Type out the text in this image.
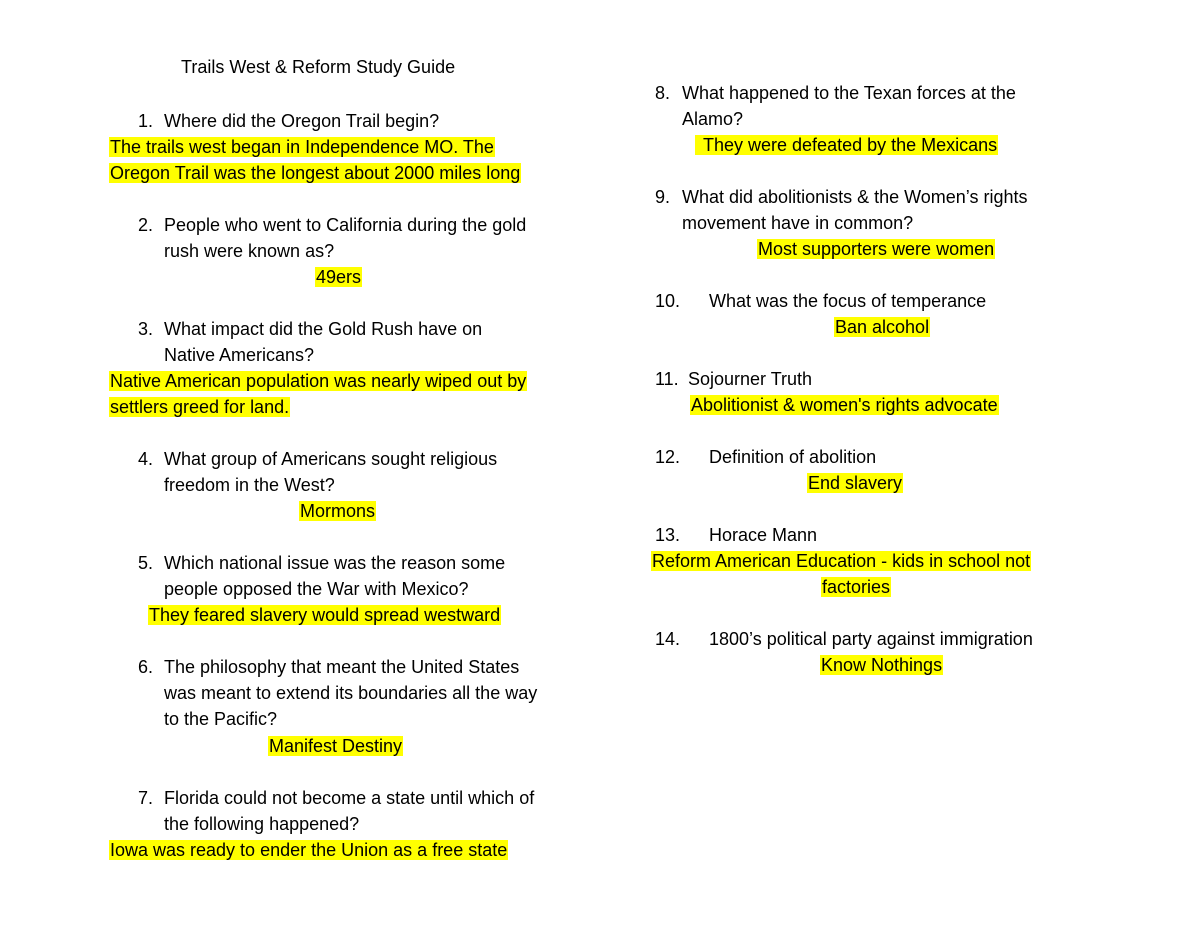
Trails West & Reform Study Guide
1. Where did the Oregon Trail begin?
The trails west began in Independence MO. The
Oregon Trail was the longest about 2000 miles long
2. People who went to California during the gold
rush were known as?
49ers
3. What impact did the Gold Rush have on
Native Americans?
Native American population was nearly wiped out by
settlers greed for land.
4. What group of Americans sought religious
freedom in the West?
Mormons
5. Which national issue was the reason some
people opposed the War with Mexico?
They feared slavery would spread westward
6. The philosophy that meant the United States
was meant to extend its boundaries all the way
to the Pacific?
Manifest Destiny
7. Florida could not become a state until which of
the following happened?
Iowa was ready to ender the Union as a free state
8. What happened to the Texan forces at the
Alamo?
They were defeated by the Mexicans
9. What did abolitionists & the Women’s rights
movement have in common?
Most supporters were women
10. What was the focus of temperance
Ban alcohol
11. Sojourner Truth
Abolitionist & women's rights advocate
12. Definition of abolition
End slavery
13. Horace Mann
Reform American Education - kids in school not
factories
14. 1800’s political party against immigration
Know Nothings
